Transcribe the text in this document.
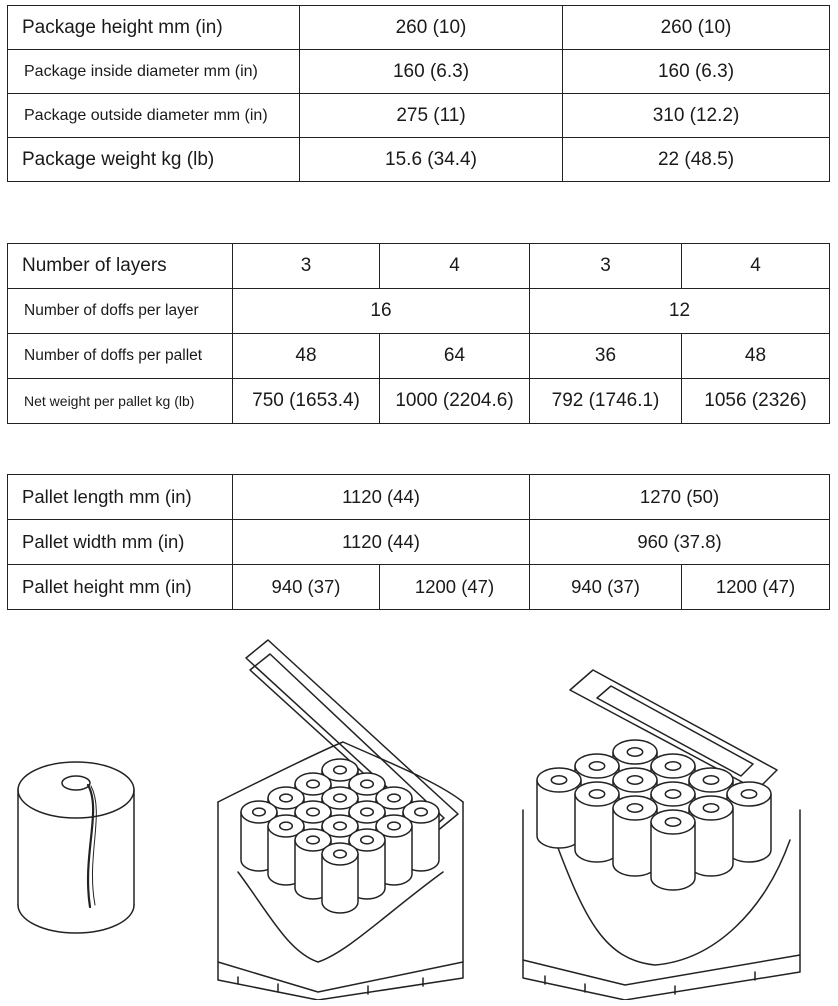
Package height mm (in)	260 (10)	260 (10)
Package inside diameter mm (in)	160 (6.3)	160 (6.3)
Package outside diameter mm (in)	275 (11)	310 (12.2)
Package weight kg (lb)	15.6 (34.4)	22 (48.5)
Number of layers	3	4	3	4
Number of doffs per layer	16		12	
Number of doffs per pallet	48	64	36	48
Net weight per pallet kg (lb)	750 (1653.4)	1000 (2204.6)	792 (1746.1)	1056 (2326)
Pallet length mm (in)	1120 (44)		1270 (50)	
Pallet width mm (in)	1120 (44)		960 (37.8)	
Pallet height mm (in)	940 (37)	1200 (47)	940 (37)	1200 (47)
